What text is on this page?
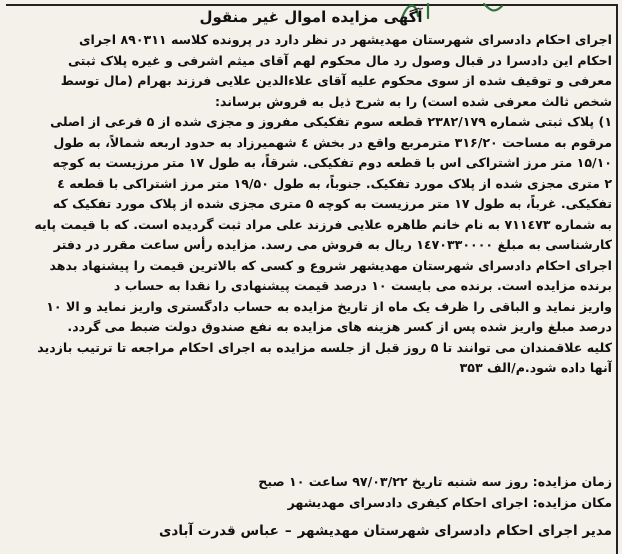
آگهی مزایده اموال غیر منقول
اجرای احکام دادسرای شهرستان مهدیشهر در نظر دارد در پرونده کلاسه ۸۹۰۳۱۱ اجرای
احکام این دادسرا در قبال وصول رد مال محکوم لهم آقای میثم اشرفی و غیره پلاک ثبتی
معرفی و توقیف شده از سوی محکوم علیه آقای علاءالدین علایی فرزند بهرام (مال توسط
شخص ثالث معرفی شده است) را به شرح ذیل به فروش برساند:
۱) پلاک ثبتی شماره ۲۳۸۲/۱۷۹ قطعه سوم تفکیکی مفروز و مجزی شده از ۵ فرعی از اصلی
مرقوم به مساحت ۳۱۶/۲۰ مترمربع واقع در بخش ٤ شهمیرزاد به حدود اربعه شمالاً، به طول
۱۵/۱۰ متر مرز اشتراکی اس با قطعه دوم تفکیکی. شرقاً، به طول ۱۷ متر مرزیست به کوچه
۲ متری مجزی شده از پلاک مورد تفکیک. جنوباً، به طول ۱۹/۵۰ متر مرز اشتراکی با قطعه ٤
تفکیکی. غرباً، به طول ۱۷ متر مرزیست به کوچه ۵ متری مجزی شده از پلاک مورد تفکیک که
به شماره ۷۱۱٤۷۳ به نام خانم طاهره علایی فرزند علی مراد ثبت گردیده است. که با قیمت پایه
کارشناسی به مبلغ ۱٤۷۰۳۳۰۰۰۰ ریال به فروش می رسد. مزایده رأس ساعت مقرر در دفتر
اجرای احکام دادسرای شهرستان مهدیشهر شروع و کسی که بالاترین قیمت را پیشنهاد بدهد
برنده مزایده است. برنده می بایست ۱۰ درصد قیمت پیشنهادی را نقدا به حساب د
واریز نماید و الباقی را ظرف یک ماه از تاریخ مزایده به حساب دادگستری واریز نماید و الا ۱۰
درصد مبلغ واریز شده پس از کسر هزینه های مزایده به نفع صندوق دولت ضبط می گردد.
کلیه علاقمندان می توانند تا ۵ روز قبل از جلسه مزایده به اجرای احکام مراجعه تا ترتیب بازدید
آنها داده شود.م/الف ۳۵۳
زمان مزایده: روز سه شنبه تاریخ ۹۷/۰۳/۲۲ ساعت ۱۰ صبح
مکان مزایده: اجرای احکام کیفری دادسرای مهدیشهر
مدیر اجرای احکام دادسرای شهرستان مهدیشهر–عباس قدرت آبادی
